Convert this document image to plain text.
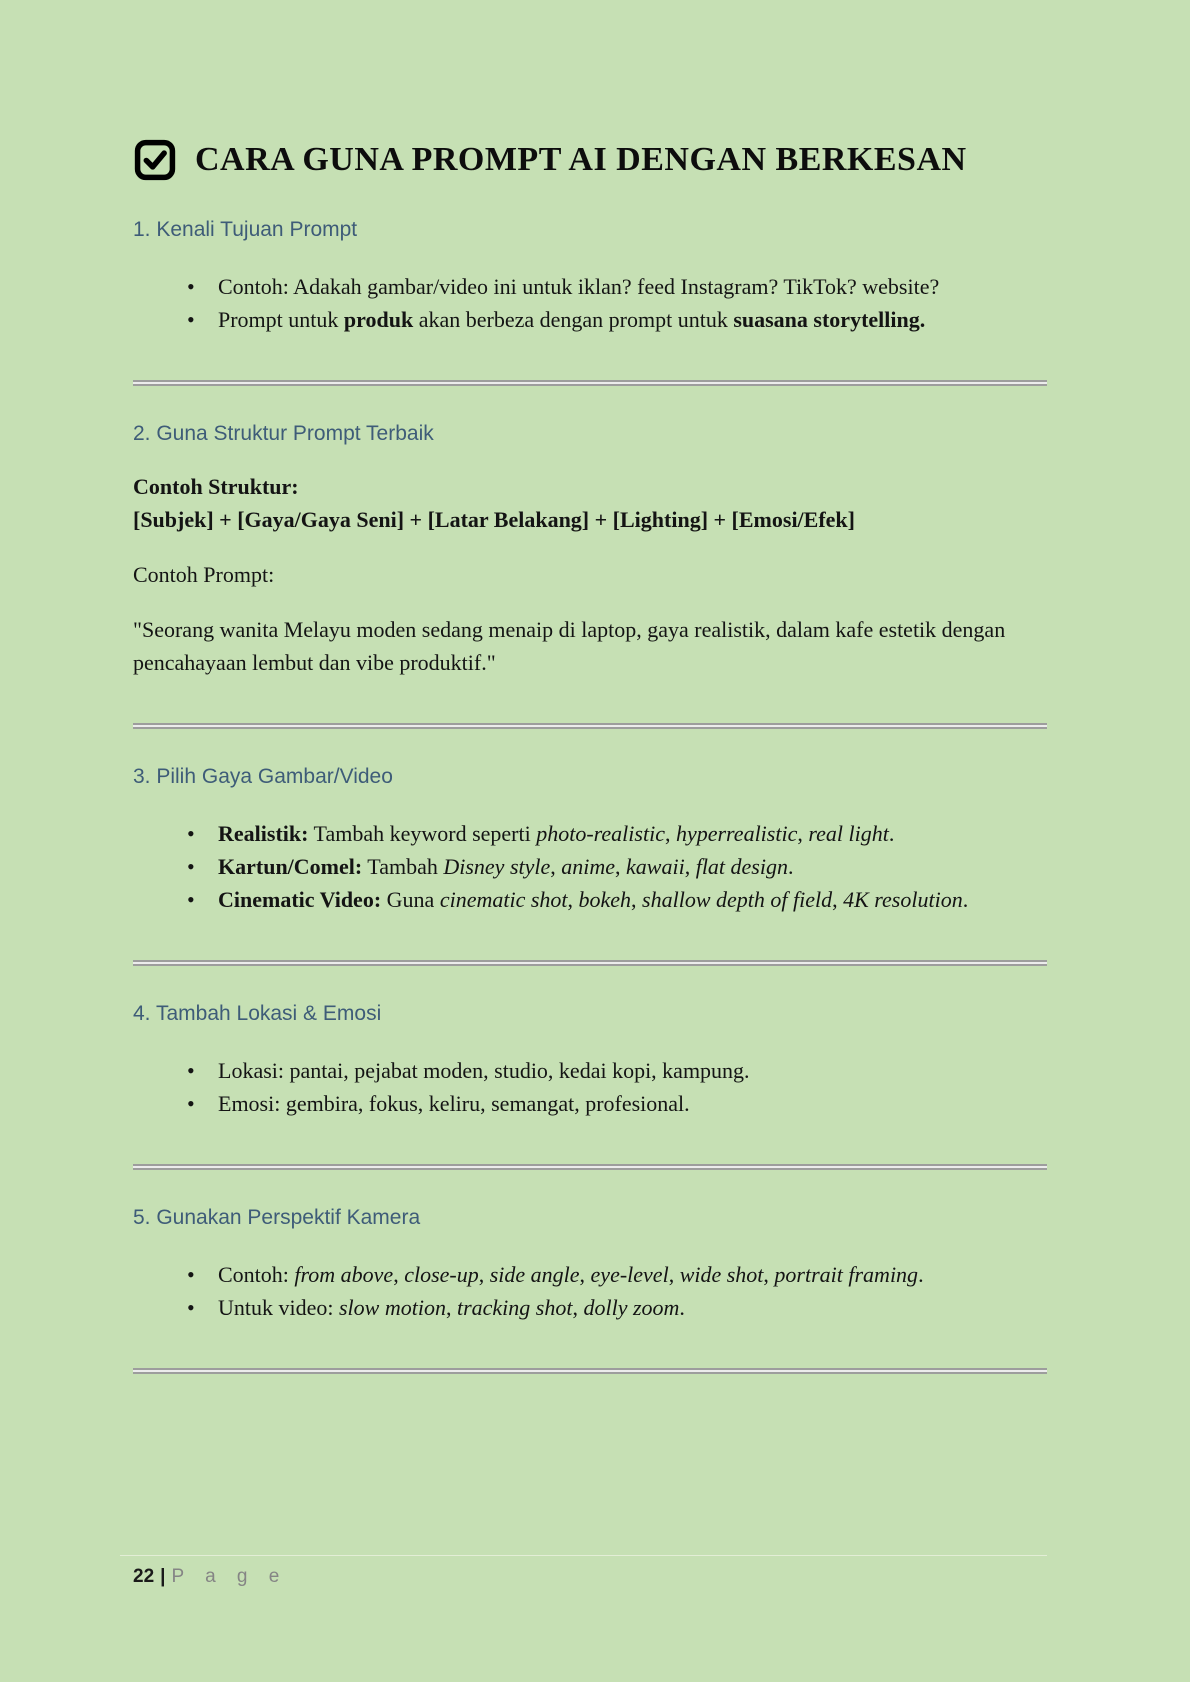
CARA GUNA PROMPT AI DENGAN BERKESAN
1. Kenali Tujuan Prompt
• Contoh: Adakah gambar/video ini untuk iklan? feed Instagram? TikTok? website?
• Prompt untuk produk akan berbeza dengan prompt untuk suasana storytelling.
2. Guna Struktur Prompt Terbaik
Contoh Struktur:
[Subjek] + [Gaya/Gaya Seni] + [Latar Belakang] + [Lighting] + [Emosi/Efek]
Contoh Prompt:
"Seorang wanita Melayu moden sedang menaip di laptop, gaya realistik, dalam kafe estetik dengan pencahayaan lembut dan vibe produktif."
3. Pilih Gaya Gambar/Video
• Realistik: Tambah keyword seperti photo-realistic, hyperrealistic, real light.
• Kartun/Comel: Tambah Disney style, anime, kawaii, flat design.
• Cinematic Video: Guna cinematic shot, bokeh, shallow depth of field, 4K resolution.
4. Tambah Lokasi & Emosi
• Lokasi: pantai, pejabat moden, studio, kedai kopi, kampung.
• Emosi: gembira, fokus, keliru, semangat, profesional.
5. Gunakan Perspektif Kamera
• Contoh: from above, close-up, side angle, eye-level, wide shot, portrait framing.
• Untuk video: slow motion, tracking shot, dolly zoom.
22 | P a g e
